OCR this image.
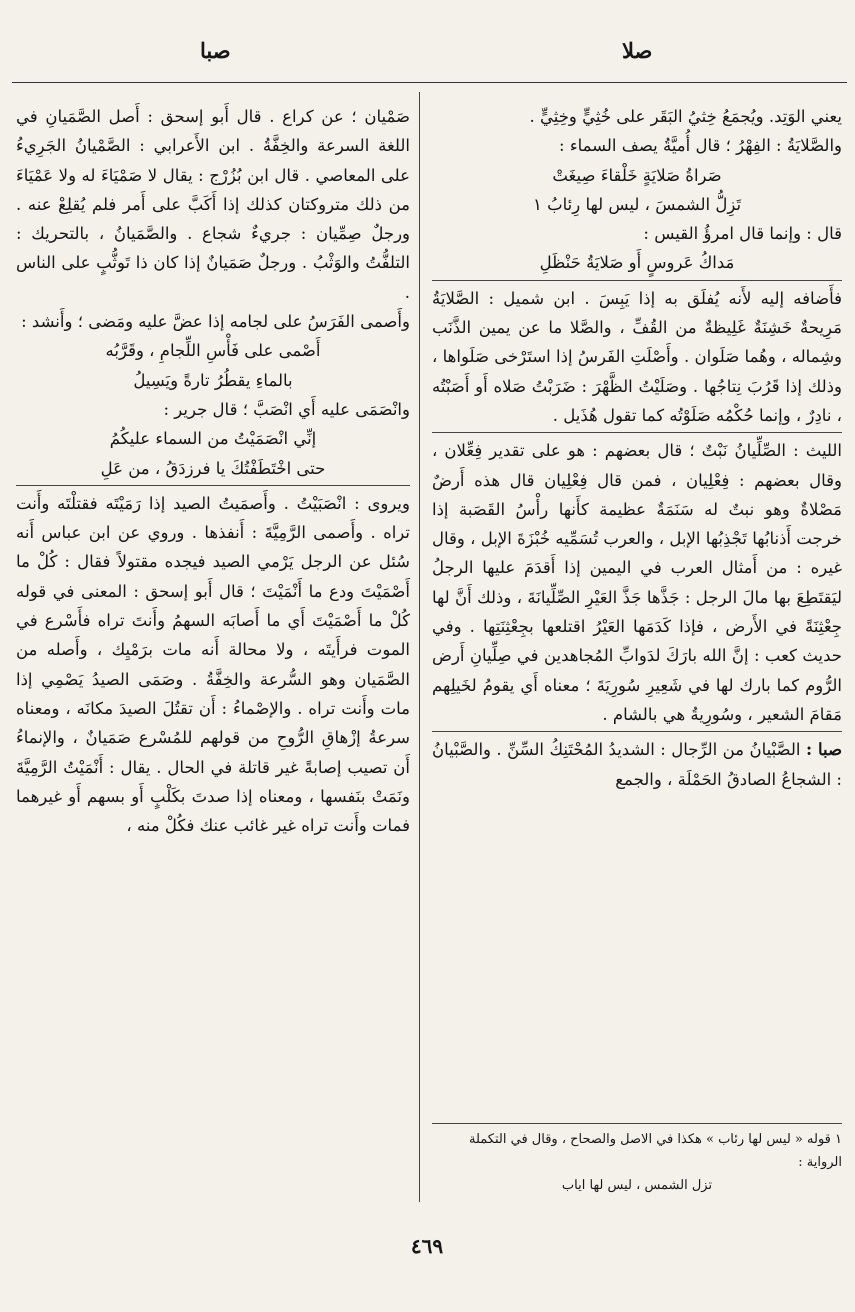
صلا
صبا

يعني الوَتِد. ويُجمَعُ خِثيُ البَقَر على خُثِيٍّ وخِثِيٍّ .

والصَّلايَةُ : الفِهْرُ ؛ قال أُميَّةُ يصف السماء :

صَراةُ صَلايَةٍ خَلْقاءَ صِيغَتْ

تَزِلُّ الشمسَ ، ليس لها رِئابُ ١

قال : وإنما قال امرؤُ القيس :

مَداكُ عَروسٍ أَو صَلايَةُ حَنْظَلِ

فأَضافه إليه لأَنه يُفلَق به إذا يَبِسَ . ابن شميل : الصَّلايَةُ مَرِيحةٌ خَشِنَةٌ غَلِيظةٌ من القُفِّ ، والصَّلا ما عن يمين الذَّنَب وشِماله ، وهُما صَلَوان . وأَصْلَتِ الفَرسُ إذا استَرْخى صَلَواها ، وذلك إذا قَرُبَ نِتاجُها . وصَلَيْتُ الظَّهْرَ : ضَرَبْتُ صَلاه أَو أَصَبْتُه ، نادِرٌ ، وإنما حُكْمُه صَلَوْتُه كما تقول هُذَيل .

الليث : الصِّلِّيانُ نَبْتٌ ؛ قال بعضهم : هو على تقدير فِعِّلان ، وقال بعضهم : فِعْلِيان ، فمن قال فِعْلِيان قال هذه أَرضٌ مَصْلاةٌ وهو نبتٌ له سَنَمَةٌ عظيمة كأَنها رأْسُ القَصَبة إذا خرجت أَذنابُها تَجْذِبُها الإبل ، والعرب تُسَمِّيه خُبْزَةَ الإبل ، وقال غيره : من أَمثال العرب في اليمين إذا أَقدَمَ عليها الرجلُ ليَقتَطِعَ بها مالَ الرجل : جَذَّها جَذَّ العَيْرِ الصِّلِّيانَةَ ، وذلك أَنَّ لها جِعْثِنَةً في الأَرض ، فإذا كَدَمَها العَيْرُ اقتلعها بجِعْثِنَتِها . وفي حديث كعب : إنَّ الله بارَكَ لدَوابِّ المُجاهدين في صِلِّيانِ أَرض الرُّوم كما بارك لها في شَعِيرِ سُورِيَةَ ؛ معناه أَي يقومُ لخَيلِهم مَقامَ الشعير ، وسُورِيةُ هي بالشام .

صبا : الصَّبْيانُ من الرِّجال : الشديدُ المُحْتَنِكُ السِّنِّ . والصَّبْيانُ : الشجاعُ الصادقُ الحَمْلَة ، والجمع

١ قوله « ليس لها رئاب » هكذا في الاصل والصحاح ، وقال في التكملة الرواية :

تزل الشمس ، ليس لها اياب

صَمْيان ؛ عن كراع . قال أَبو إسحق : أَصل الصَّمَيانِ في اللغة السرعة والخِفَّةُ . ابن الأَعرابي : الصَّمْيانُ الجَرِيءُ على المعاصي . قال ابن بُزُرْج : يقال لا صَمْيَاءَ له ولا عَمْيَاءَ من ذلك متروكتان كذلك إذا أَكَبَّ على أَمر فلم يُقلِعْ عنه . ورجلٌ صِمِّيان : جريءٌ شجاع . والصَّمَيانُ ، بالتحريك : التلفُّتُ والوَثْبُ . ورجلٌ صَمَيانٌ إذا كان ذا تَوثُّبٍ على الناس .

وأَصمى الفَرَسُ على لجامه إذا عضَّ عليه ومَضى ؛ وأَنشد :

أَصْمى على فَأْسِ اللِّجامِ ، وقَرَّبُه

بالماءِ يقطُرُ تارةً ويَسِيلُ

وانْصَمَى عليه أَي انْصَبَّ ؛ قال جرير :

إنِّي انْصَمَيْتُ من السماء عليكُمُ

حتى اخْتَطَفْتُكَ يا فرزدَقُ ، من عَلِ

ويروى : انْصَبَيْتُ . وأَصمَيتُ الصيد إذا رَمَيْتَه فقتلْتَه وأَنت تراه . وأَصمى الرَّمِيَّةَ : أَنفذها . وروي عن ابن عباس أَنه سُئل عن الرجل يَرْمي الصيد فيجده مقتولاً فقال : كُلْ ما أَصْمَيْتَ ودع ما أَنْمَيْتَ ؛ قال أَبو إسحق : المعنى في قوله كُلْ ما أَصْمَيْتَ أَي ما أَصابَه السهمُ وأَنتَ تراه فأَسْرع في الموت فرأَيتَه ، ولا محالة أَنه مات برَمْيِك ، وأَصله من الصَّمَيان وهو السُّرعة والخِفَّةُ . وصَمَى الصيدُ يَصْمِي إذا مات وأَنت تراه . والإصْماءُ : أَن تقتُلَ الصيدَ مكانَه ، ومعناه سرعةُ إزْهاقِ الرُّوحِ من قولهم للمُسْرع صَمَيانٌ ، والإنماءُ أَن تصيب إصابةً غير قاتلة في الحال . يقال : أَنْمَيْتُ الرَّمِيَّةَ ونَمَتْ بنَفسها ، ومعناه إذا صدتَ بكَلْبٍ أَو بسهم أَو غيرهما فمات وأَنت تراه غير غائب عنك فكُلْ منه ،

٤٦٩
